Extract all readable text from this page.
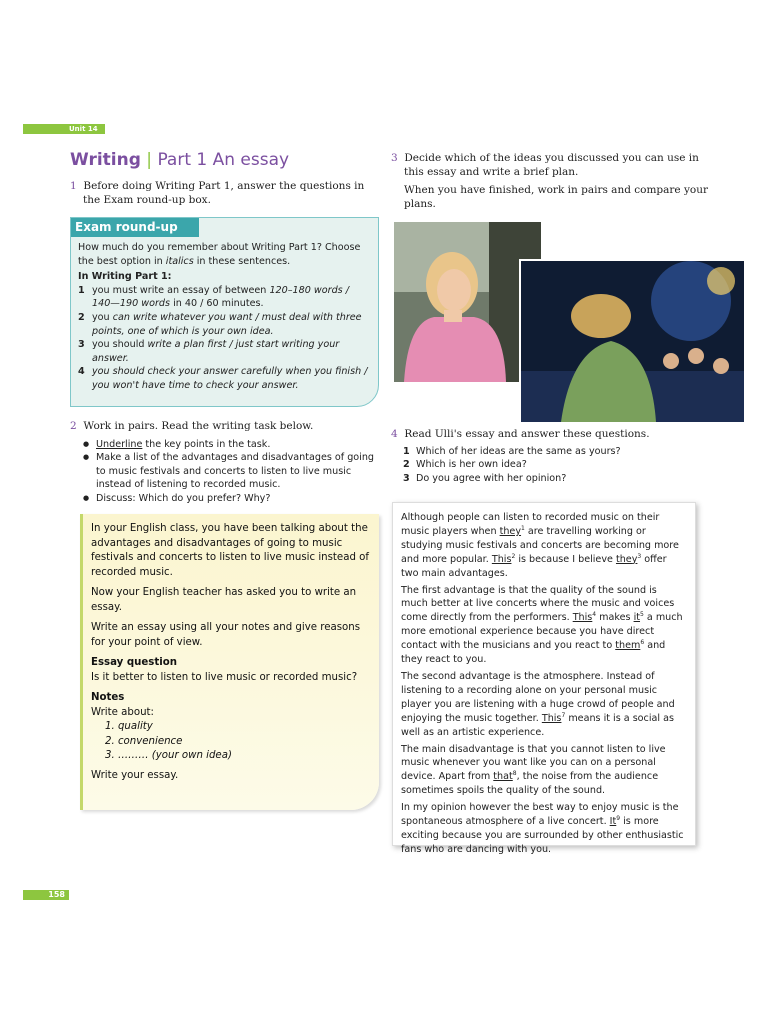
Unit 14
Writing | Part 1 An essay

1 Before doing Writing Part 1, answer the questions in the Exam round-up box.

Exam round-up

How much do you remember about Writing Part 1? Choose the best option in italics in these sentences.

In Writing Part 1:

1 you must write an essay of between 120–180 words / 140—190 words in 40 / 60 minutes.
2 you can write whatever you want / must deal with three points, one of which is your own idea.
3 you should write a plan first / just start writing your answer.
4 you should check your answer carefully when you finish / you won't have time to check your answer.

2 Work in pairs. Read the writing task below.

● Underline the key points in the task.
● Make a list of the advantages and disadvantages of going to music festivals and concerts to listen to live music instead of listening to recorded music.
● Discuss: Which do you prefer? Why?

In your English class, you have been talking about the advantages and disadvantages of going to music festivals and concerts to listen to live music instead of recorded music.

Now your English teacher has asked you to write an essay.

Write an essay using all your notes and give reasons for your point of view.

Essay question

Is it better to listen to live music or recorded music?

Notes

Write about:

1. quality
2. convenience
3. ……… (your own idea)

Write your essay.

3 Decide which of the ideas you discussed you can use in this essay and write a brief plan.

When you have finished, work in pairs and compare your plans.

4 Read Ulli's essay and answer these questions.

1 Which of her ideas are the same as yours?
2 Which is her own idea?
3 Do you agree with her opinion?

Although people can listen to recorded music on their music players when they$^1$ are travelling working or studying music festivals and concerts are becoming more and more popular. This$^2$ is because I believe they$^3$ offer two main advantages.

The first advantage is that the quality of the sound is much better at live concerts where the music and voices come directly from the performers. This$^4$ makes $it^5$ a much more emotional experience because you have direct contact with the musicians and you react to them$^6$ and they react to you.

The second advantage is the atmosphere. Instead of listening to a recording alone on your personal music player you are listening with a huge crowd of people and enjoying the music together. This$^7$ means it is a social as well as an artistic experience.

The main disadvantage is that you cannot listen to live music whenever you want like you can on a personal device. Apart from that$^8$, the noise from the audience sometimes spoils the quality of the sound.

In my opinion however the best way to enjoy music is the spontaneous atmosphere of a live concert. It$^9$ is more exciting because you are surrounded by other enthusiastic fans who are dancing with you.

158
